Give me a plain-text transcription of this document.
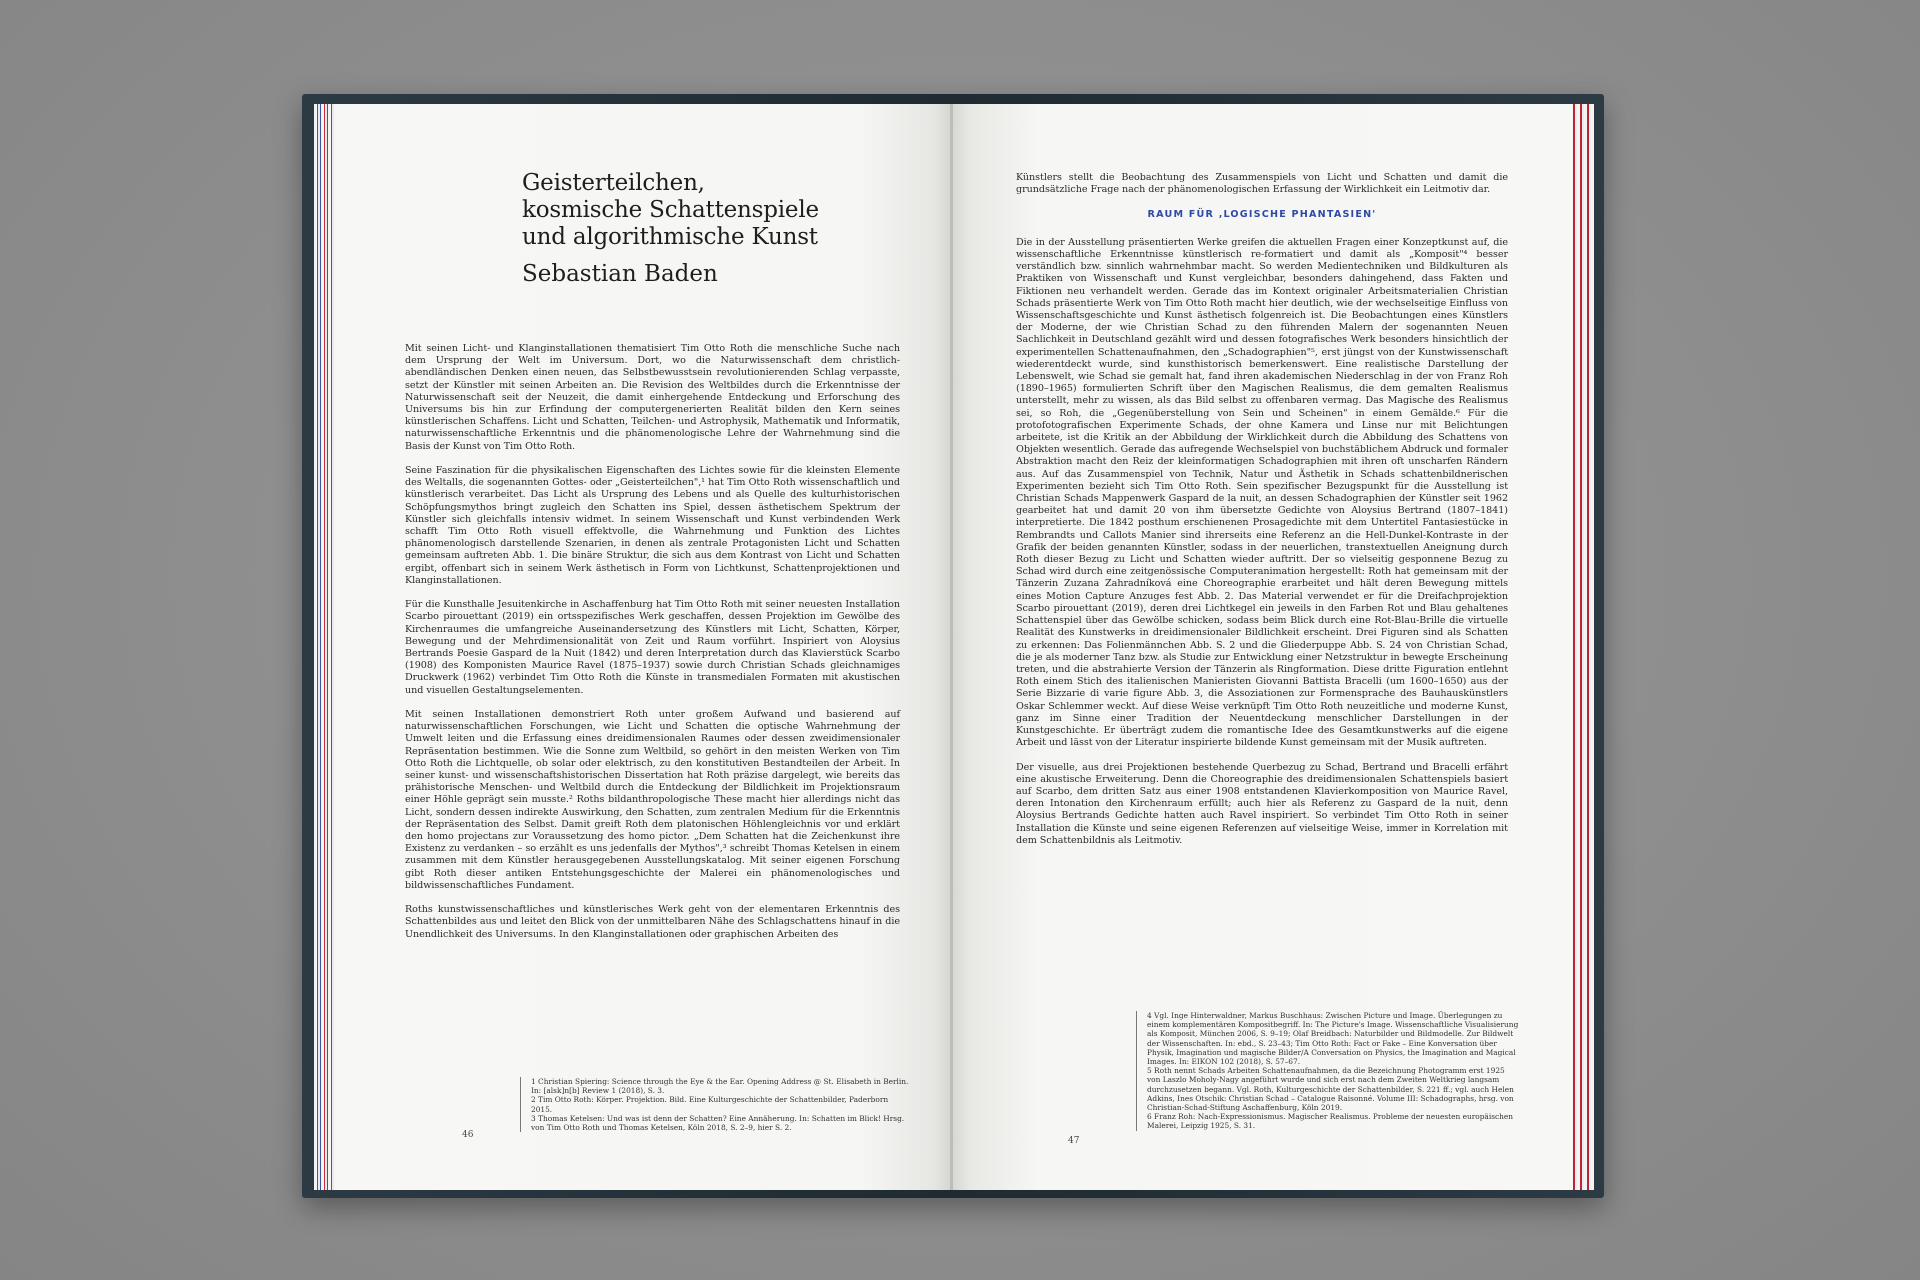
Geisterteilchen,
kosmische Schattenspiele
und algorithmische Kunst
Sebastian Baden

Mit seinen Licht- und Klanginstallationen thematisiert Tim Otto Roth die menschliche Suche nach dem Ursprung der Welt im Universum. Dort, wo die Naturwissenschaft dem christlich-abendländischen Denken einen neuen, das Selbstbewusstsein revolutionierenden Schlag verpasste, setzt der Künstler mit seinen Arbeiten an. Die Revision des Weltbildes durch die Erkenntnisse der Naturwissenschaft seit der Neuzeit, die damit einhergehende Entdeckung und Erforschung des Universums bis hin zur Erfindung der computergenerierten Realität bilden den Kern seines künstlerischen Schaffens. Licht und Schatten, Teilchen- und Astrophysik, Mathematik und Informatik, naturwissenschaftliche Erkenntnis und die phänomenologische Lehre der Wahrnehmung sind die Basis der Kunst von Tim Otto Roth.

Seine Faszination für die physikalischen Eigenschaften des Lichtes sowie für die kleinsten Elemente des Weltalls, die sogenannten Gottes- oder „Geisterteilchen",¹ hat Tim Otto Roth wissenschaftlich und künstlerisch verarbeitet. Das Licht als Ursprung des Lebens und als Quelle des kulturhistorischen Schöpfungsmythos bringt zugleich den Schatten ins Spiel, dessen ästhetischem Spektrum der Künstler sich gleichfalls intensiv widmet. In seinem Wissenschaft und Kunst verbindenden Werk schafft Tim Otto Roth visuell effektvolle, die Wahrnehmung und Funktion des Lichtes phänomenologisch darstellende Szenarien, in denen als zentrale Protagonisten Licht und Schatten gemeinsam auftreten Abb. 1. Die binäre Struktur, die sich aus dem Kontrast von Licht und Schatten ergibt, offenbart sich in seinem Werk ästhetisch in Form von Lichtkunst, Schattenprojektionen und Klanginstallationen.

Für die Kunsthalle Jesuitenkirche in Aschaffenburg hat Tim Otto Roth mit seiner neuesten Installation Scarbo pirouettant (2019) ein ortsspezifisches Werk geschaffen, dessen Projektion im Gewölbe des Kirchenraumes die umfangreiche Auseinandersetzung des Künstlers mit Licht, Schatten, Körper, Bewegung und der Mehrdimensionalität von Zeit und Raum vorführt. Inspiriert von Aloysius Bertrands Poesie Gaspard de la Nuit (1842) und deren Interpretation durch das Klavierstück Scarbo (1908) des Komponisten Maurice Ravel (1875–1937) sowie durch Christian Schads gleichnamiges Druckwerk (1962) verbindet Tim Otto Roth die Künste in transmedialen Formaten mit akustischen und visuellen Gestaltungselementen.

Mit seinen Installationen demonstriert Roth unter großem Aufwand und basierend auf naturwissenschaftlichen Forschungen, wie Licht und Schatten die optische Wahrnehmung der Umwelt leiten und die Erfassung eines dreidimensionalen Raumes oder dessen zweidimensionaler Repräsentation bestimmen. Wie die Sonne zum Weltbild, so gehört in den meisten Werken von Tim Otto Roth die Lichtquelle, ob solar oder elektrisch, zu den konstitutiven Bestandteilen der Arbeit. In seiner kunst- und wissenschaftshistorischen Dissertation hat Roth präzise dargelegt, wie bereits das prähistorische Menschen- und Weltbild durch die Entdeckung der Bildlichkeit im Projektionsraum einer Höhle geprägt sein musste.² Roths bildanthropologische These macht hier allerdings nicht das Licht, sondern dessen indirekte Auswirkung, den Schatten, zum zentralen Medium für die Erkenntnis der Repräsentation des Selbst. Damit greift Roth dem platonischen Höhlengleichnis vor und erklärt den homo projectans zur Voraussetzung des homo pictor. „Dem Schatten hat die Zeichenkunst ihre Existenz zu verdanken – so erzählt es uns jedenfalls der Mythos",³ schreibt Thomas Ketelsen in einem zusammen mit dem Künstler herausgegebenen Ausstellungskatalog. Mit seiner eigenen Forschung gibt Roth dieser antiken Entstehungsgeschichte der Malerei ein phänomenologisches und bildwissenschaftliches Fundament.

Roths kunstwissenschaftliches und künstlerisches Werk geht von der elementaren Erkenntnis des Schattenbildes aus und leitet den Blick von der unmittelbaren Nähe des Schlagschattens hinauf in die Unendlichkeit des Universums. In den Klanginstallationen oder graphischen Arbeiten des

1 Christian Spiering: Science through the Eye & the Ear. Opening Address @ St. Elisabeth in Berlin. In: [alsk]n[b] Review 1 (2018), S. 3.
2 Tim Otto Roth: Körper. Projektion. Bild. Eine Kulturgeschichte der Schattenbilder, Paderborn 2015.
3 Thomas Ketelsen: Und was ist denn der Schatten? Eine Annäherung. In: Schatten im Blick! Hrsg. von Tim Otto Roth und Thomas Ketelsen, Köln 2018, S. 2–9, hier S. 2.
46

Künstlers stellt die Beobachtung des Zusammenspiels von Licht und Schatten und damit die grundsätzliche Frage nach der phänomenologischen Erfassung der Wirklichkeit ein Leitmotiv dar.

RAUM FÜR ‚LOGISCHE PHANTASIEN'

Die in der Ausstellung präsentierten Werke greifen die aktuellen Fragen einer Konzeptkunst auf, die wissenschaftliche Erkenntnisse künstlerisch re-formatiert und damit als „Komposit"⁴ besser verständlich bzw. sinnlich wahrnehmbar macht. So werden Medientechniken und Bildkulturen als Praktiken von Wissenschaft und Kunst vergleichbar, besonders dahingehend, dass Fakten und Fiktionen neu verhandelt werden. Gerade das im Kontext originaler Arbeitsmaterialien Christian Schads präsentierte Werk von Tim Otto Roth macht hier deutlich, wie der wechselseitige Einfluss von Wissenschaftsgeschichte und Kunst ästhetisch folgenreich ist. Die Beobachtungen eines Künstlers der Moderne, der wie Christian Schad zu den führenden Malern der sogenannten Neuen Sachlichkeit in Deutschland gezählt wird und dessen fotografisches Werk besonders hinsichtlich der experimentellen Schattenaufnahmen, den „Schadographien"⁵, erst jüngst von der Kunstwissenschaft wiederentdeckt wurde, sind kunsthistorisch bemerkenswert. Eine realistische Darstellung der Lebenswelt, wie Schad sie gemalt hat, fand ihren akademischen Niederschlag in der von Franz Roh (1890–1965) formulierten Schrift über den Magischen Realismus, die dem gemalten Realismus unterstellt, mehr zu wissen, als das Bild selbst zu offenbaren vermag. Das Magische des Realismus sei, so Roh, die „Gegenüberstellung von Sein und Scheinen" in einem Gemälde.⁶ Für die protofotografischen Experimente Schads, der ohne Kamera und Linse nur mit Belichtungen arbeitete, ist die Kritik an der Abbildung der Wirklichkeit durch die Abbildung des Schattens von Objekten wesentlich. Gerade das aufregende Wechselspiel von buchstäblichem Abdruck und formaler Abstraktion macht den Reiz der kleinformatigen Schadographien mit ihren oft unscharfen Rändern aus. Auf das Zusammenspiel von Technik, Natur und Ästhetik in Schads schattenbildnerischen Experimenten bezieht sich Tim Otto Roth. Sein spezifischer Bezugspunkt für die Ausstellung ist Christian Schads Mappenwerk Gaspard de la nuit, an dessen Schadographien der Künstler seit 1962 gearbeitet hat und damit 20 von ihm übersetzte Gedichte von Aloysius Bertrand (1807–1841) interpretierte. Die 1842 posthum erschienenen Prosagedichte mit dem Untertitel Fantasiestücke in Rembrandts und Callots Manier sind ihrerseits eine Referenz an die Hell-Dunkel-Kontraste in der Grafik der beiden genannten Künstler, sodass in der neuerlichen, transtextuellen Aneignung durch Roth dieser Bezug zu Licht und Schatten wieder auftritt. Der so vielseitig gesponnene Bezug zu Schad wird durch eine zeitgenössische Computeranimation hergestellt: Roth hat gemeinsam mit der Tänzerin Zuzana Zahradníková eine Choreographie erarbeitet und hält deren Bewegung mittels eines Motion Capture Anzuges fest Abb. 2. Das Material verwendet er für die Dreifachprojektion Scarbo pirouettant (2019), deren drei Lichtkegel ein jeweils in den Farben Rot und Blau gehaltenes Schattenspiel über das Gewölbe schicken, sodass beim Blick durch eine Rot-Blau-Brille die virtuelle Realität des Kunstwerks in dreidimensionaler Bildlichkeit erscheint. Drei Figuren sind als Schatten zu erkennen: Das Folienmännchen Abb. S. 2 und die Gliederpuppe Abb. S. 24 von Christian Schad, die je als moderner Tanz bzw. als Studie zur Entwicklung einer Netzstruktur in bewegte Erscheinung treten, und die abstrahierte Version der Tänzerin als Ringformation. Diese dritte Figuration entlehnt Roth einem Stich des italienischen Manieristen Giovanni Battista Bracelli (um 1600–1650) aus der Serie Bizzarie di varie figure Abb. 3, die Assoziationen zur Formensprache des Bauhauskünstlers Oskar Schlemmer weckt. Auf diese Weise verknüpft Tim Otto Roth neuzeitliche und moderne Kunst, ganz im Sinne einer Tradition der Neuentdeckung menschlicher Darstellungen in der Kunstgeschichte. Er überträgt zudem die romantische Idee des Gesamtkunstwerks auf die eigene Arbeit und lässt von der Literatur inspirierte bildende Kunst gemeinsam mit der Musik auftreten.

Der visuelle, aus drei Projektionen bestehende Querbezug zu Schad, Bertrand und Bracelli erfährt eine akustische Erweiterung. Denn die Choreographie des dreidimensionalen Schattenspiels basiert auf Scarbo, dem dritten Satz aus einer 1908 entstandenen Klavierkomposition von Maurice Ravel, deren Intonation den Kirchenraum erfüllt; auch hier als Referenz zu Gaspard de la nuit, denn Aloysius Bertrands Gedichte hatten auch Ravel inspiriert. So verbindet Tim Otto Roth in seiner Installation die Künste und seine eigenen Referenzen auf vielseitige Weise, immer in Korrelation mit dem Schattenbildnis als Leitmotiv.

4 Vgl. Inge Hinterwaldner, Markus Buschhaus: Zwischen Picture und Image. Überlegungen zu einem komplementären Kompositbegriff. In: The Picture's Image. Wissenschaftliche Visualisierung als Komposit, München 2006, S. 9–19; Olaf Breidbach: Naturbilder und Bildmodelle. Zur Bildwelt der Wissenschaften. In: ebd., S. 23–43; Tim Otto Roth: Fact or Fake – Eine Konversation über Physik, Imagination und magische Bilder/A Conversation on Physics, the Imagination and Magical Images. In: EIKON 102 (2018), S. 57–67.
5 Roth nennt Schads Arbeiten Schattenaufnahmen, da die Bezeichnung Photogramm erst 1925 von Laszlo Moholy-Nagy angeführt wurde und sich erst nach dem Zweiten Weltkrieg langsam durchzusetzen begann. Vgl. Roth, Kulturgeschichte der Schattenbilder, S. 221 ff.; vgl. auch Helen Adkins, Ines Otschik: Christian Schad – Catalogue Raisonné. Volume III: Schadographs, hrsg. von Christian-Schad-Stiftung Aschaffenburg, Köln 2019.
6 Franz Roh: Nach-Expressionismus. Magischer Realismus. Probleme der neuesten europäischen Malerei, Leipzig 1925, S. 31.
47
